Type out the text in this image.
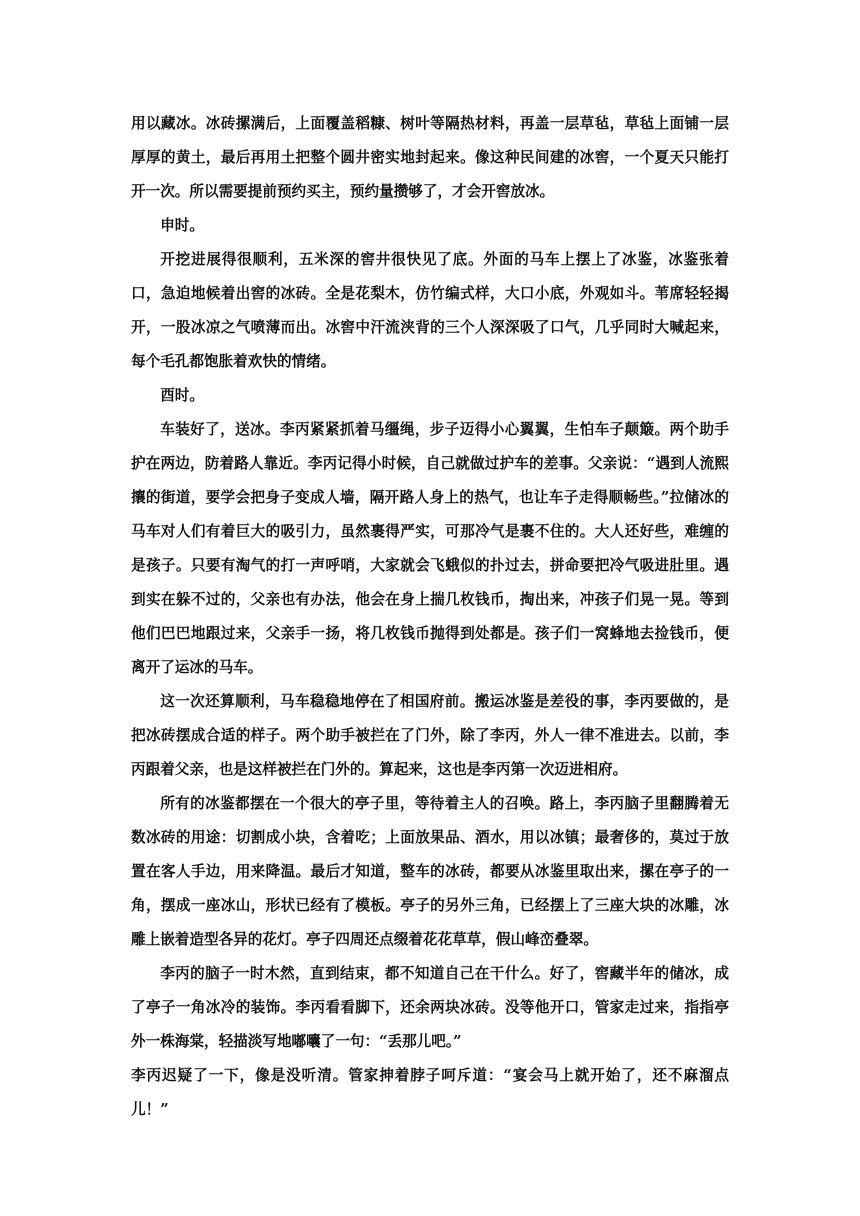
用以藏冰。冰砖摞满后，上面覆盖稻糠、树叶等隔热材料，再盖一层草毡，草毡上面铺一层厚厚的黄土，最后再用土把整个圆井密实地封起来。像这种民间建的冰窖，一个夏天只能打开一次。所以需要提前预约买主，预约量攒够了，才会开窖放冰。

申时。

开挖进展得很顺利，五米深的窖井很快见了底。外面的马车上摆上了冰鉴，冰鉴张着口，急迫地候着出窖的冰砖。全是花梨木，仿竹编式样，大口小底，外观如斗。苇席轻轻揭开，一股冰凉之气喷薄而出。冰窖中汗流浃背的三个人深深吸了口气，几乎同时大喊起来，每个毛孔都饱胀着欢快的情绪。

酉时。

车装好了，送冰。李丙紧紧抓着马缰绳，步子迈得小心翼翼，生怕车子颠簸。两个助手护在两边，防着路人靠近。李丙记得小时候，自己就做过护车的差事。父亲说：“遇到人流熙攘的街道，要学会把身子变成人墙，隔开路人身上的热气，也让车子走得顺畅些。”拉储冰的马车对人们有着巨大的吸引力，虽然裹得严实，可那冷气是裹不住的。大人还好些，难缠的是孩子。只要有淘气的打一声呼哨，大家就会飞蛾似的扑过去，拼命要把冷气吸进肚里。遇到实在躲不过的，父亲也有办法，他会在身上揣几枚钱币，掏出来，冲孩子们晃一晃。等到他们巴巴地跟过来，父亲手一扬，将几枚钱币抛得到处都是。孩子们一窝蜂地去捡钱币，便离开了运冰的马车。

这一次还算顺利，马车稳稳地停在了相国府前。搬运冰鉴是差役的事，李丙要做的，是把冰砖摆成合适的样子。两个助手被拦在了门外，除了李丙，外人一律不准进去。以前，李丙跟着父亲，也是这样被拦在门外的。算起来，这也是李丙第一次迈进相府。

所有的冰鉴都摆在一个很大的亭子里，等待着主人的召唤。路上，李丙脑子里翻腾着无数冰砖的用途：切割成小块，含着吃；上面放果品、酒水，用以冰镇；最奢侈的，莫过于放置在客人手边，用来降温。最后才知道，整车的冰砖，都要从冰鉴里取出来，摞在亭子的一角，摆成一座冰山，形状已经有了模板。亭子的另外三角，已经摆上了三座大块的冰雕，冰雕上嵌着造型各异的花灯。亭子四周还点缀着花花草草，假山峰峦叠翠。

李丙的脑子一时木然，直到结束，都不知道自己在干什么。好了，窖藏半年的储冰，成了亭子一角冰冷的装饰。李丙看看脚下，还余两块冰砖。没等他开口，管家走过来，指指亭外一株海棠，轻描淡写地嘟囔了一句：“丢那儿吧。”

李丙迟疑了一下，像是没听清。管家抻着脖子呵斥道：“宴会马上就开始了，还不麻溜点儿！”
